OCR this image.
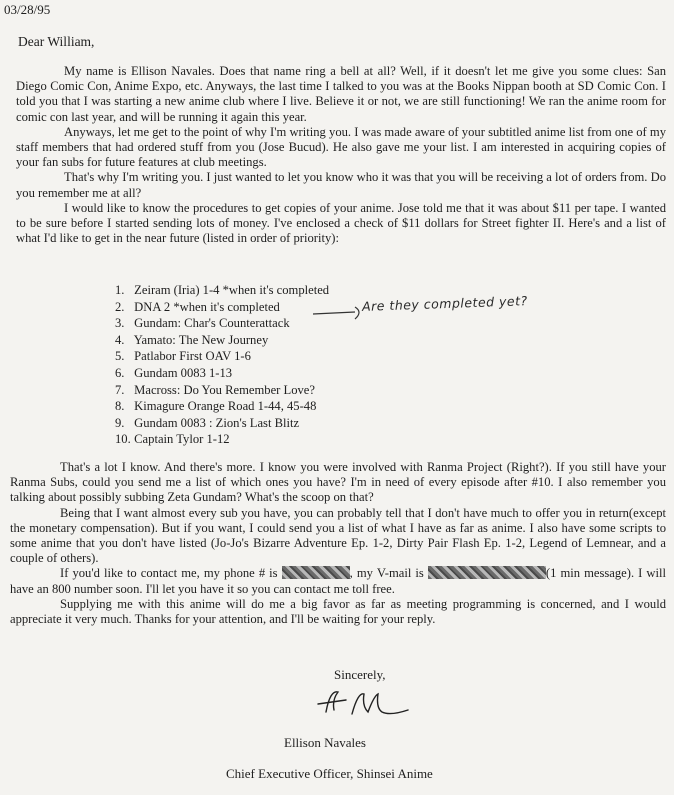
03/28/95
Dear William,

My name is Ellison Navales. Does that name ring a bell at all? Well, if it doesn't let me give you some clues: San Diego Comic Con, Anime Expo, etc. Anyways, the last time I talked to you was at the Books Nippan booth at SD Comic Con. I told you that I was starting a new anime club where I live. Believe it or not, we are still functioning! We ran the anime room for comic con last year, and will be running it again this year.

Anyways, let me get to the point of why I'm writing you. I was made aware of your subtitled anime list from one of my staff members that had ordered stuff from you (Jose Bucud). He also gave me your list. I am interested in acquiring copies of your fan subs for future features at club meetings.

That's why I'm writing you. I just wanted to let you know who it was that you will be receiving a lot of orders from. Do you remember me at all?

I would like to know the procedures to get copies of your anime. Jose told me that it was about $11 per tape. I wanted to be sure before I started sending lots of money. I've enclosed a check of $11 dollars for Street fighter II. Here's and a list of what I'd like to get in the near future (listed in order of priority):

1. Zeiram (Iria) 1-4 *when it's completed
2. DNA 2 *when it's completed
3. Gundam: Char's Counterattack
4. Yamato: The New Journey
5. Patlabor First OAV 1-6
6. Gundam 0083 1-13
7. Macross: Do You Remember Love?
8. Kimagure Orange Road 1-44, 45-48
9. Gundam 0083 : Zion's Last Blitz
10. Captain Tylor 1-12
Are they completed yet?

That's a lot I know. And there's more. I know you were involved with Ranma Project (Right?). If you still have your Ranma Subs, could you send me a list of which ones you have? I'm in need of every episode after #10. I also remember you talking about possibly subbing Zeta Gundam? What's the scoop on that?

Being that I want almost every sub you have, you can probably tell that I don't have much to offer you in return(except the monetary compensation). But if you want, I could send you a list of what I have as far as anime. I also have some scripts to some anime that you don't have listed (Jo-Jo's Bizarre Adventure Ep. 1-2, Dirty Pair Flash Ep. 1-2, Legend of Lemnear, and a couple of others).

If you'd like to contact me, my phone # is	, my V-mail is	(1 min message). I will have an 800 number soon. I'll let you have it so you can contact me toll free.

Supplying me with this anime will do me a big favor as far as meeting programming is concerned, and I would appreciate it very much. Thanks for your attention, and I'll be waiting for your reply.

Sincerely,
Ellison Navales
Chief Executive Officer, Shinsei Anime
